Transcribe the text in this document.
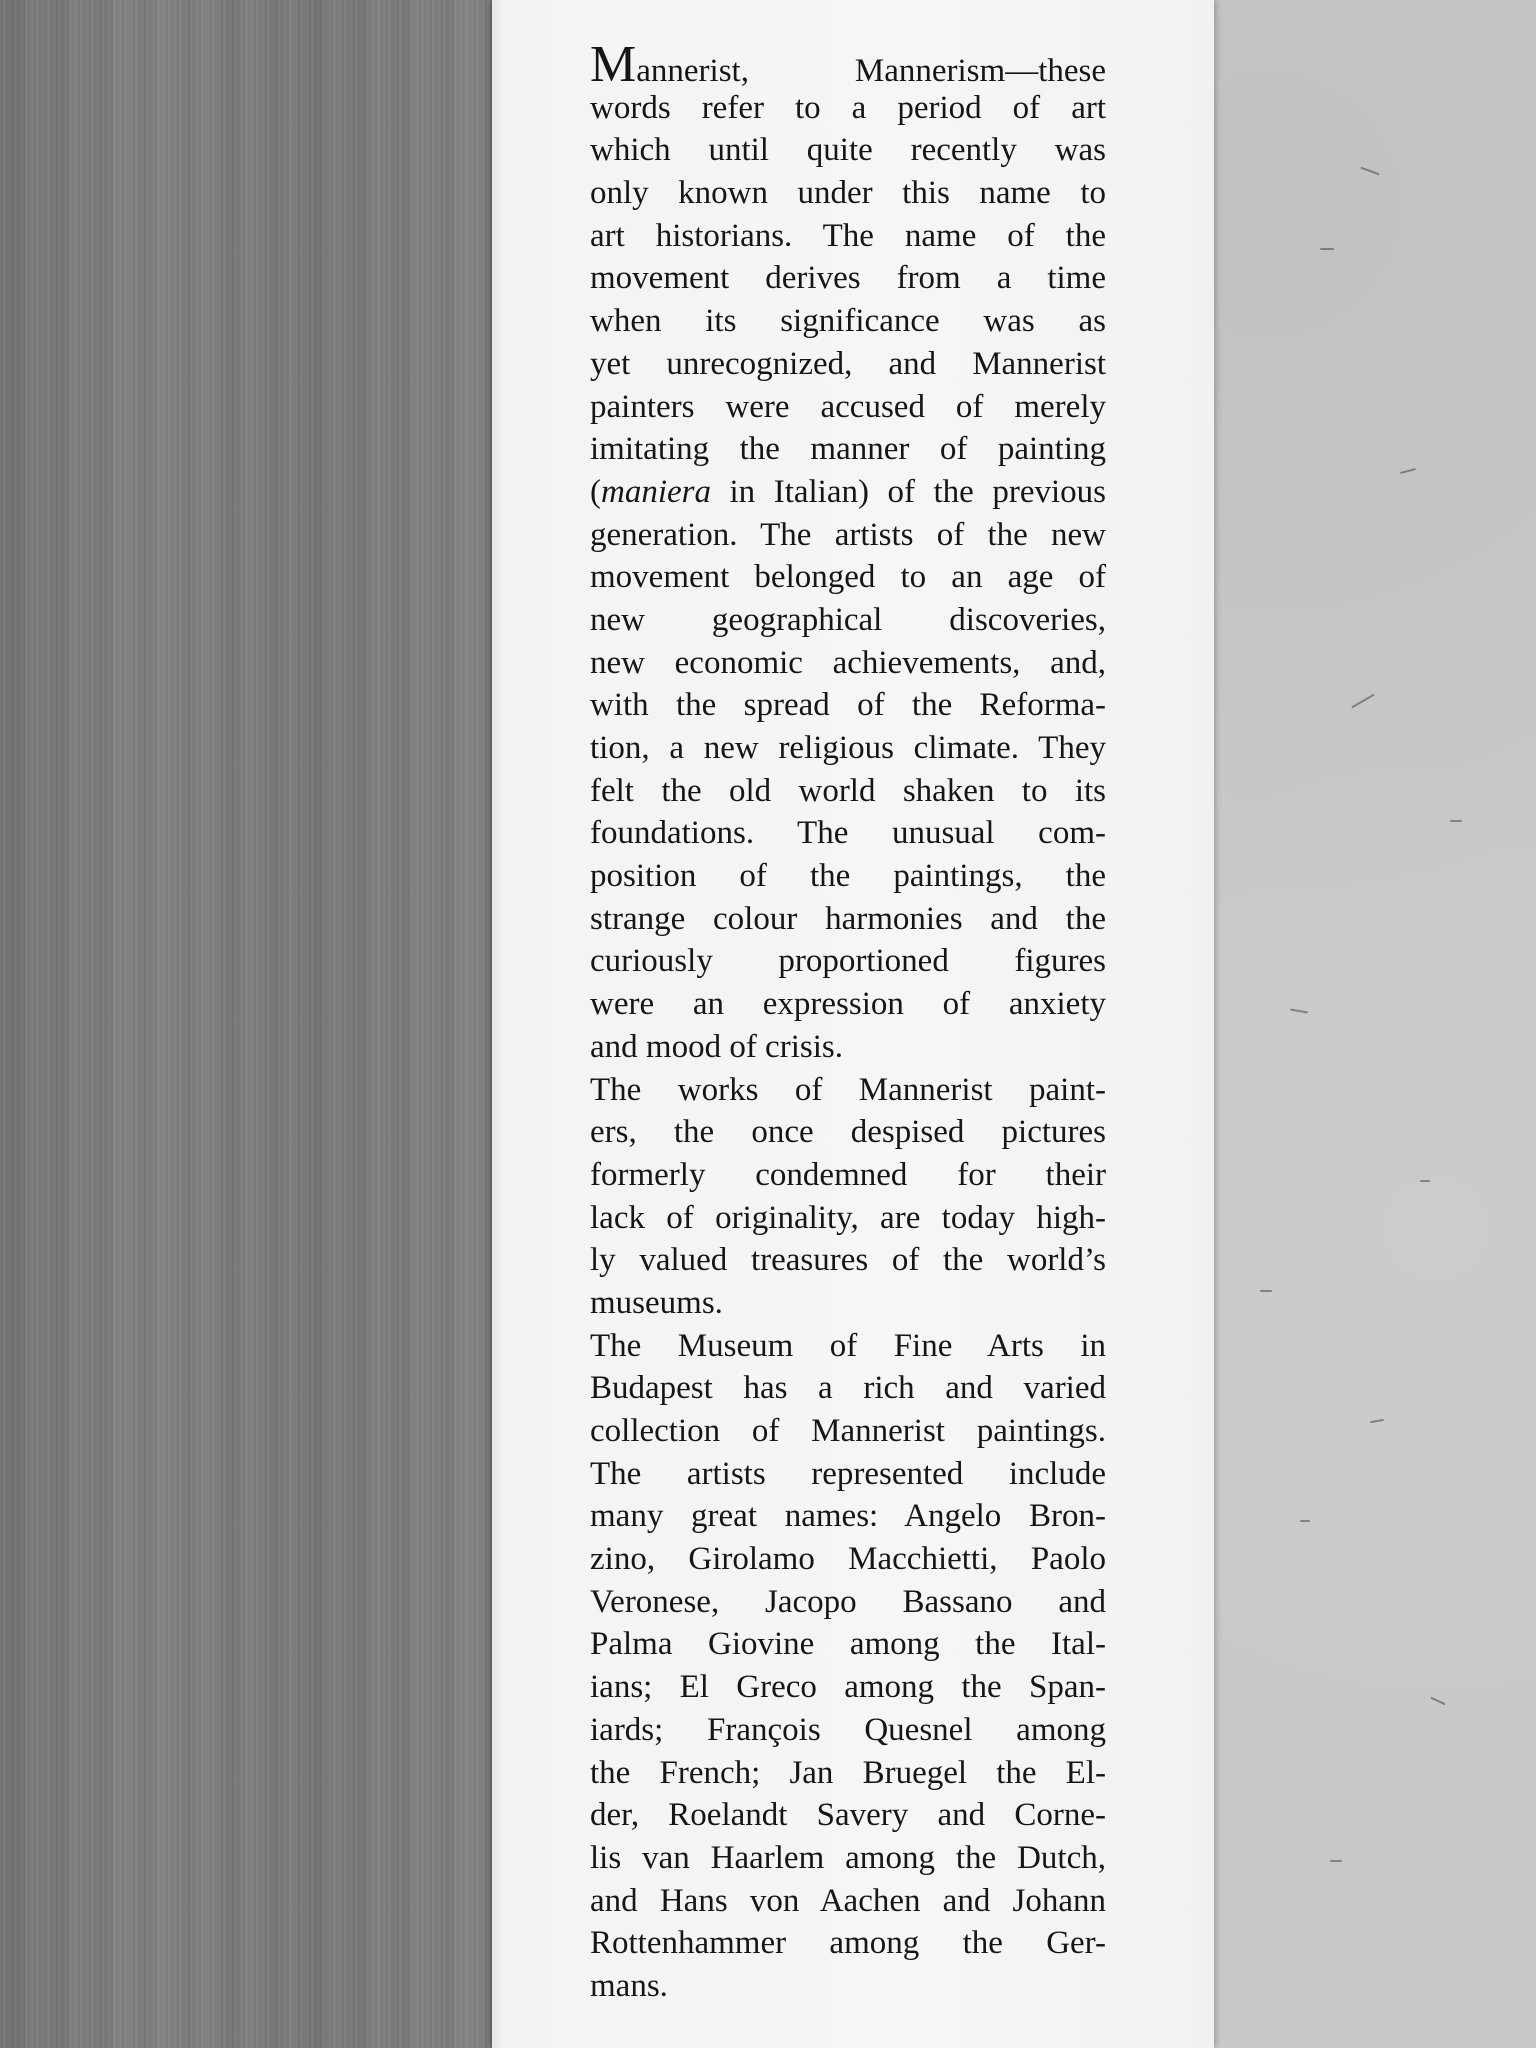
Mannerist, Mannerism—these
words refer to a period of art
which until quite recently was
only known under this name to
art historians. The name of the
movement derives from a time
when its significance was as
yet unrecognized, and Mannerist
painters were accused of merely
imitating the manner of painting
(maniera in Italian) of the previous
generation. The artists of the new
movement belonged to an age of
new geographical discoveries,
new economic achievements, and,
with the spread of the Reforma-
tion, a new religious climate. They
felt the old world shaken to its
foundations. The unusual com-
position of the paintings, the
strange colour harmonies and the
curiously proportioned figures
were an expression of anxiety
and mood of crisis.
The works of Mannerist paint-
ers, the once despised pictures
formerly condemned for their
lack of originality, are today high-
ly valued treasures of the world’s
museums.
The Museum of Fine Arts in
Budapest has a rich and varied
collection of Mannerist paintings.
The artists represented include
many great names: Angelo Bron-
zino, Girolamo Macchietti, Paolo
Veronese, Jacopo Bassano and
Palma Giovine among the Ital-
ians; El Greco among the Span-
iards; François Quesnel among
the French; Jan Bruegel the El-
der, Roelandt Savery and Corne-
lis van Haarlem among the Dutch,
and Hans von Aachen and Johann
Rottenhammer among the Ger-
mans.
